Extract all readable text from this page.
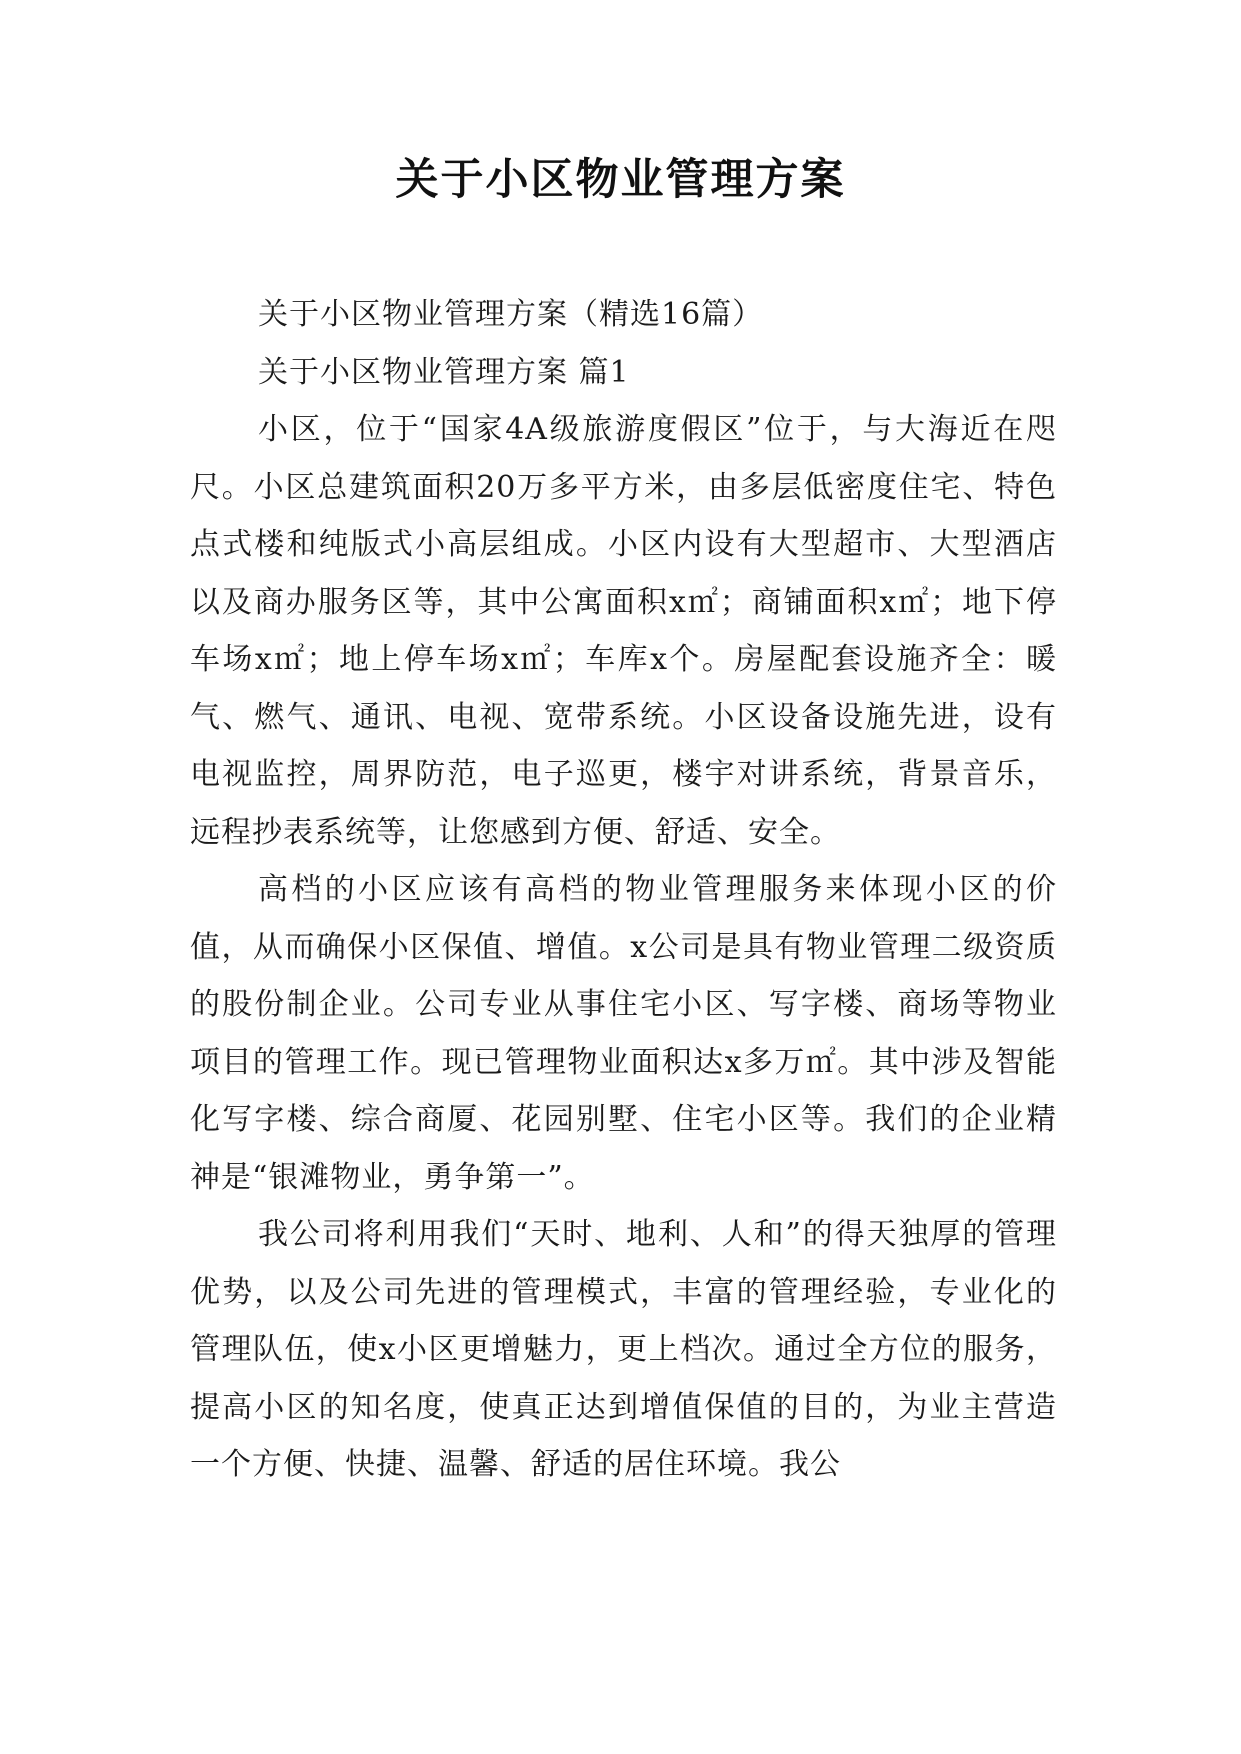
关于小区物业管理方案

关于小区物业管理方案（精选16篇）

关于小区物业管理方案 篇1

小区，位于“国家4A级旅游度假区”位于，与大海近在咫尺。小区总建筑面积20万多平方米，由多层低密度住宅、特色点式楼和纯版式小高层组成。小区内设有大型超市、大型酒店以及商办服务区等，其中公寓面积x㎡；商铺面积x㎡；地下停车场x㎡；地上停车场x㎡；车库x个。房屋配套设施齐全：暖气、燃气、通讯、电视、宽带系统。小区设备设施先进，设有电视监控，周界防范，电子巡更，楼宇对讲系统，背景音乐，远程抄表系统等，让您感到方便、舒适、安全。

高档的小区应该有高档的物业管理服务来体现小区的价值，从而确保小区保值、增值。x公司是具有物业管理二级资质的股份制企业。公司专业从事住宅小区、写字楼、商场等物业项目的管理工作。现已管理物业面积达x多万㎡。其中涉及智能化写字楼、综合商厦、花园别墅、住宅小区等。我们的企业精神是“银滩物业，勇争第一”。

我公司将利用我们“天时、地利、人和”的得天独厚的管理优势，以及公司先进的管理模式，丰富的管理经验，专业化的管理队伍，使x小区更增魅力，更上档次。通过全方位的服务，提高小区的知名度，使真正达到增值保值的目的，为业主营造一个方便、快捷、温馨、舒适的居住环境。我公
